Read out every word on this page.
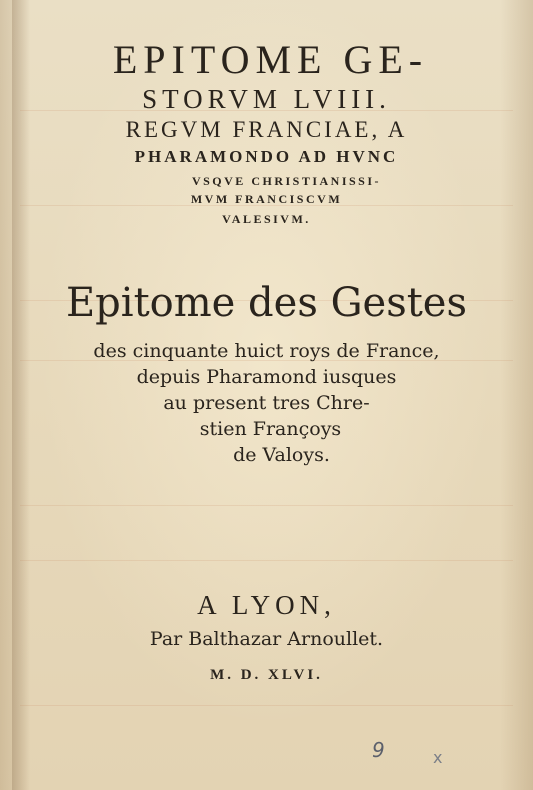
EPITOME GE-
STORVM LVIII.
REGVM FRANCIAE, A
PHARAMONDO AD HVNC
VSQVE CHRISTIANISSI-
MVM FRANCISCVM
VALESIVM.
Epitome des Gestes
des cinquante huict roys de France,
depuis Pharamond iusques
au present tres Chre-
stien Françoys
de Valoys.
A LYON,
Par Balthazar Arnoullet.
M. D. XLVI.
9	x
